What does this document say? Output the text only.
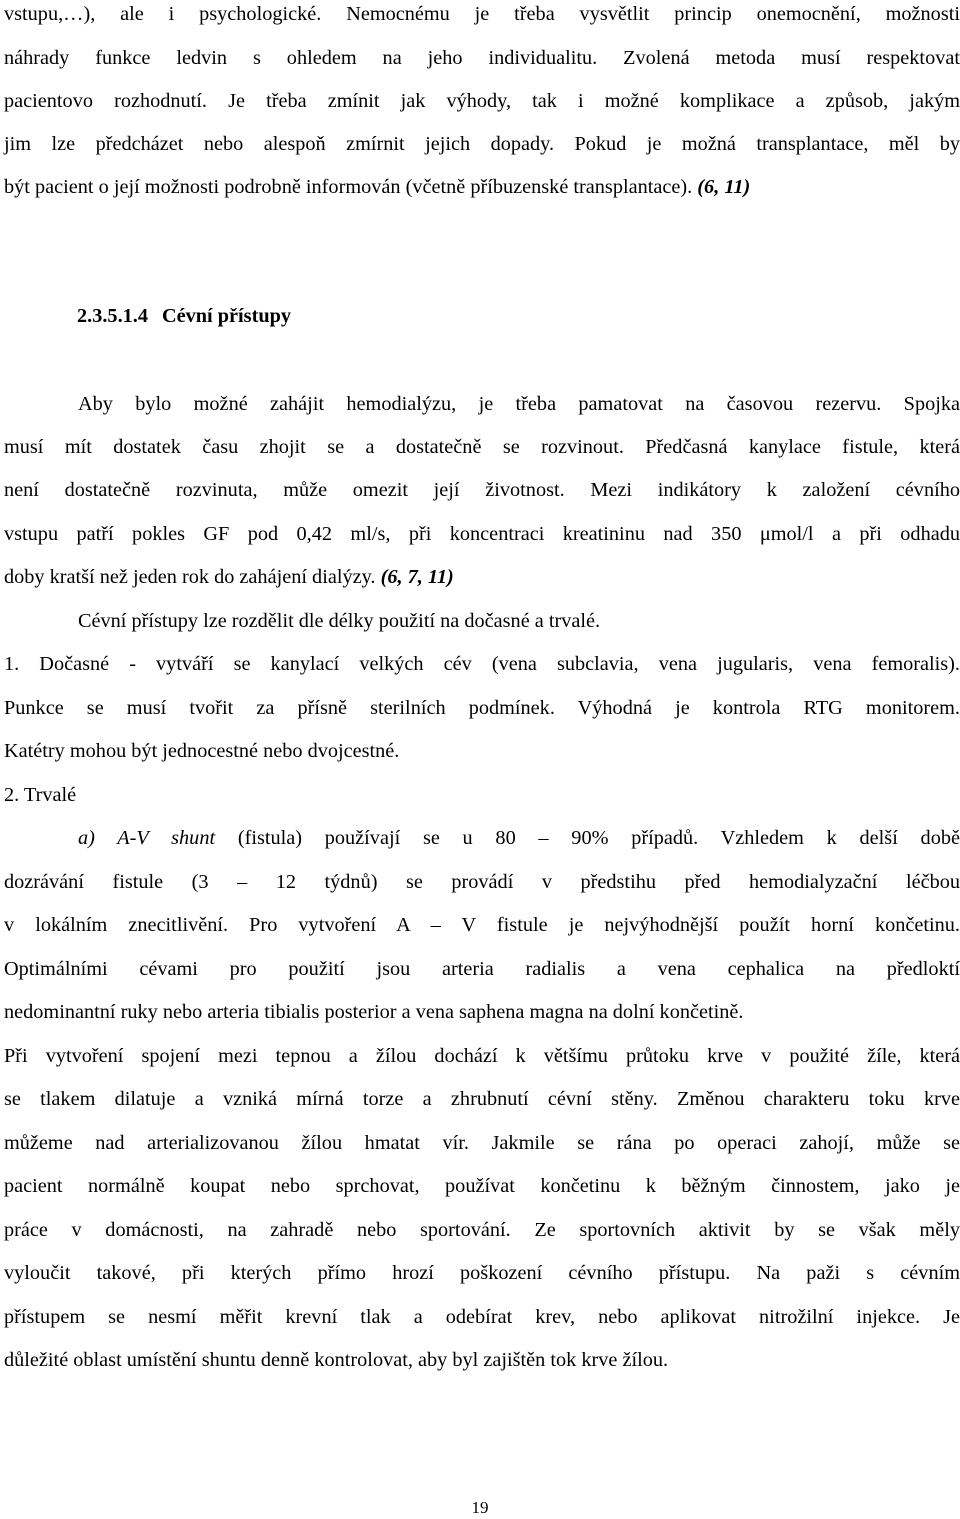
vstupu,…), ale i psychologické. Nemocnému je třeba vysvětlit princip onemocnění, možnosti

náhrady funkce ledvin s ohledem na jeho individualitu. Zvolená metoda musí respektovat

pacientovo rozhodnutí. Je třeba zmínit jak výhody, tak i možné komplikace a způsob, jakým

jim lze předcházet nebo alespoň zmírnit jejich dopady. Pokud je možná transplantace, měl by

být pacient o její možnosti podrobně informován (včetně příbuzenské transplantace). (6, 11)

2.3.5.1.4 Cévní přístupy

Aby bylo možné zahájit hemodialýzu, je třeba pamatovat na časovou rezervu. Spojka

musí mít dostatek času zhojit se a dostatečně se rozvinout. Předčasná kanylace fistule, která

není dostatečně rozvinuta, může omezit její životnost. Mezi indikátory k založení cévního

vstupu patří pokles GF pod 0,42 ml/s, při koncentraci kreatininu nad 350 μmol/l a při odhadu

doby kratší než jeden rok do zahájení dialýzy. (6, 7, 11)

Cévní přístupy lze rozdělit dle délky použití na dočasné a trvalé.

1. Dočasné - vytváří se kanylací velkých cév (vena subclavia, vena jugularis, vena femoralis).

Punkce se musí tvořit za přísně sterilních podmínek. Výhodná je kontrola RTG monitorem.

Katétry mohou být jednocestné nebo dvojcestné.

2. Trvalé

a) A-V shunt (fistula) používají se u 80 – 90% případů. Vzhledem k delší době

dozrávání fistule (3 – 12 týdnů) se provádí v předstihu před hemodialyzační léčbou

v lokálním znecitlivění. Pro vytvoření A – V fistule je nejvýhodnější použít horní končetinu.

Optimálními cévami pro použití jsou arteria radialis a vena cephalica na předloktí

nedominantní ruky nebo arteria tibialis posterior a vena saphena magna na dolní končetině.

Při vytvoření spojení mezi tepnou a žílou dochází k většímu průtoku krve v použité žíle, která

se tlakem dilatuje a vzniká mírná torze a zhrubnutí cévní stěny. Změnou charakteru toku krve

můžeme nad arterializovanou žílou hmatat vír. Jakmile se rána po operaci zahojí, může se

pacient normálně koupat nebo sprchovat, používat končetinu k běžným činnostem, jako je

práce v domácnosti, na zahradě nebo sportování. Ze sportovních aktivit by se však měly

vyloučit takové, při kterých přímo hrozí poškození cévního přístupu. Na paži s cévním

přístupem se nesmí měřit krevní tlak a odebírat krev, nebo aplikovat nitrožilní injekce. Je

důležité oblast umístění shuntu denně kontrolovat, aby byl zajištěn tok krve žílou.

19
